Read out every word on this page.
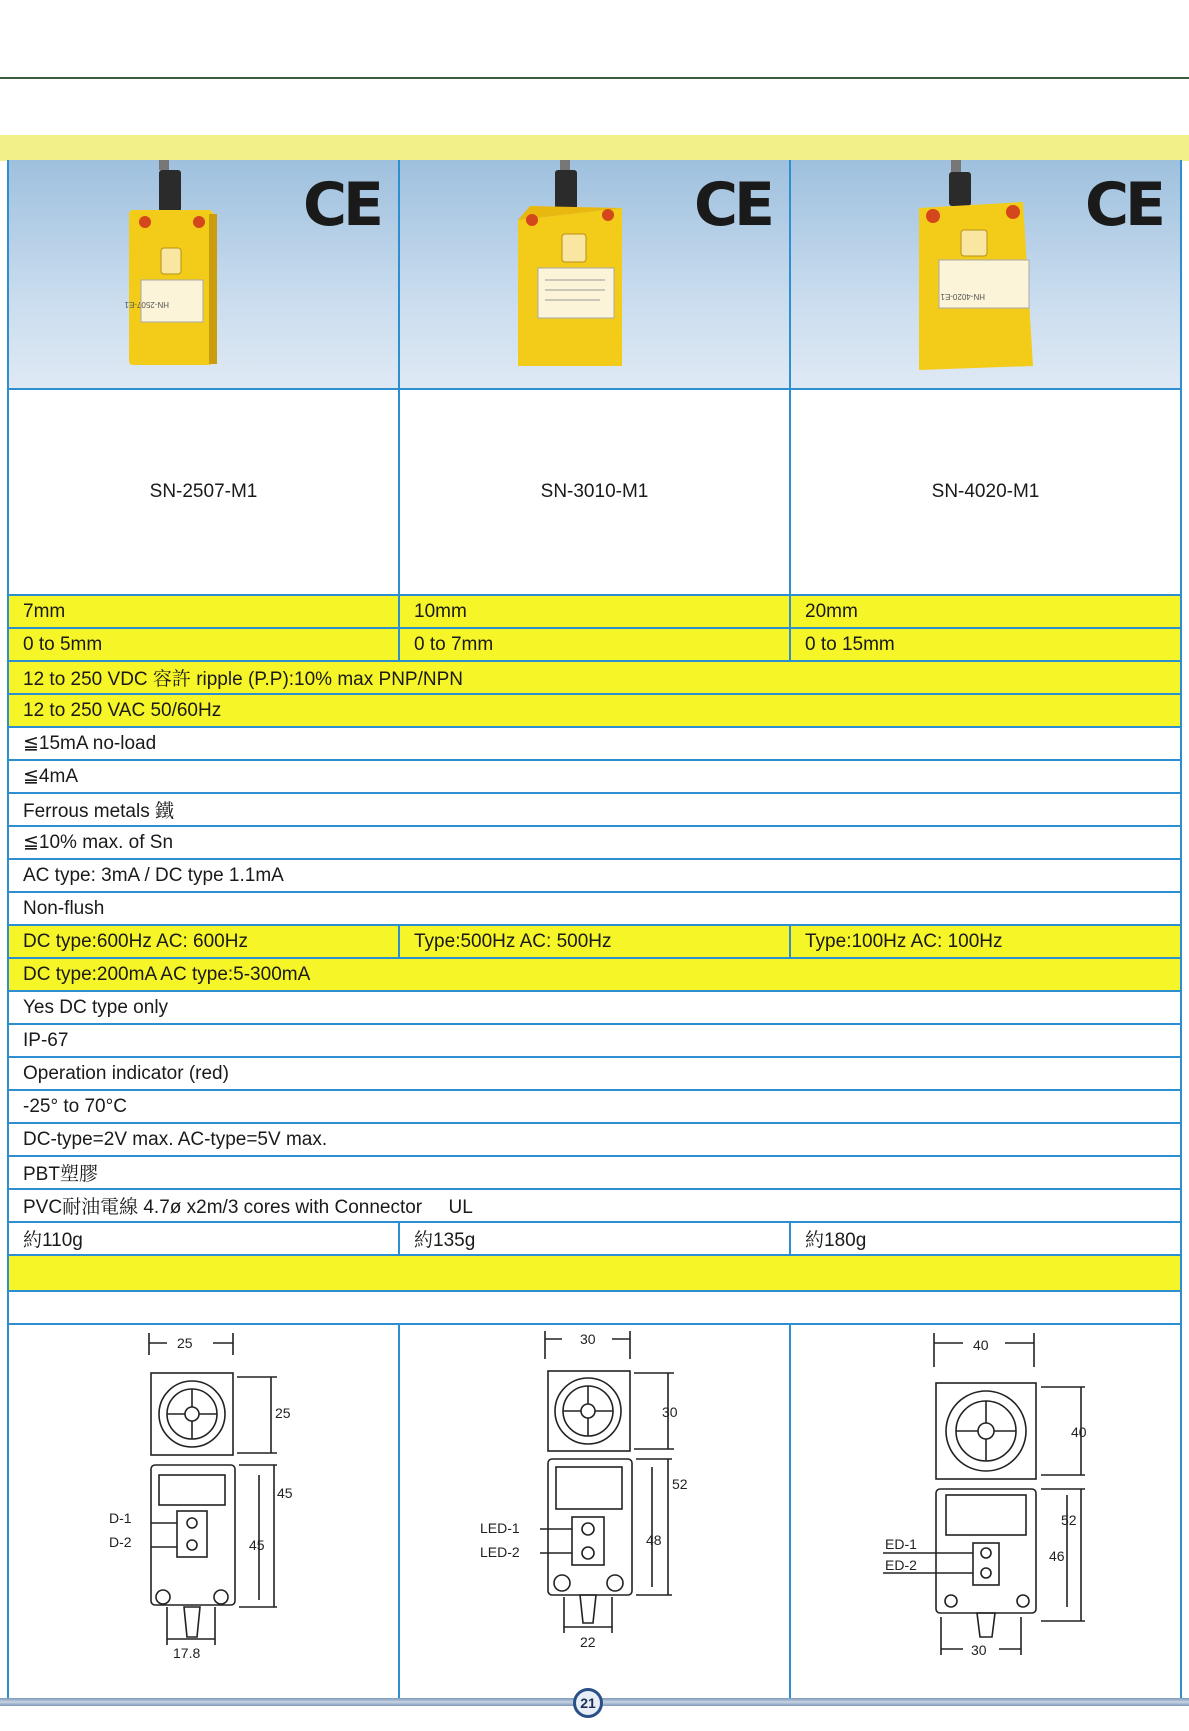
HN-2507-E1
CE	CE
HN-4020-E1
CE
SN-2507-M1	SN-3010-M1	SN-4020-M1
7mm	10mm	20mm
0 to 5mm	0 to 7mm	0 to 15mm
12 to 250 VDC 容許 ripple (P.P):10% max PNP/NPN
12 to 250 VAC 50/60Hz
≦15mA no-load
≦4mA
Ferrous metals 鐵
≦10% max. of Sn
AC type: 3mA / DC type 1.1mA
Non-flush
DC type:600Hz AC: 600Hz	Type:500Hz AC: 500Hz	Type:100Hz AC: 100Hz
DC type:200mA AC type:5-300mA
Yes DC type only
IP-67
Operation indicator (red)
-25° to 70°C
DC-type=2V max. AC-type=5V max.
PBT塑膠
PVC耐油電線 4.7ø x2m/3 cores with Connector     UL
約110g	約135g	約180g
25
25
D-1
D-2
45
45
17.8
30
30
LED-1
LED-2
52
48
22
40
40
ED-1
ED-2
52
46
30
21
